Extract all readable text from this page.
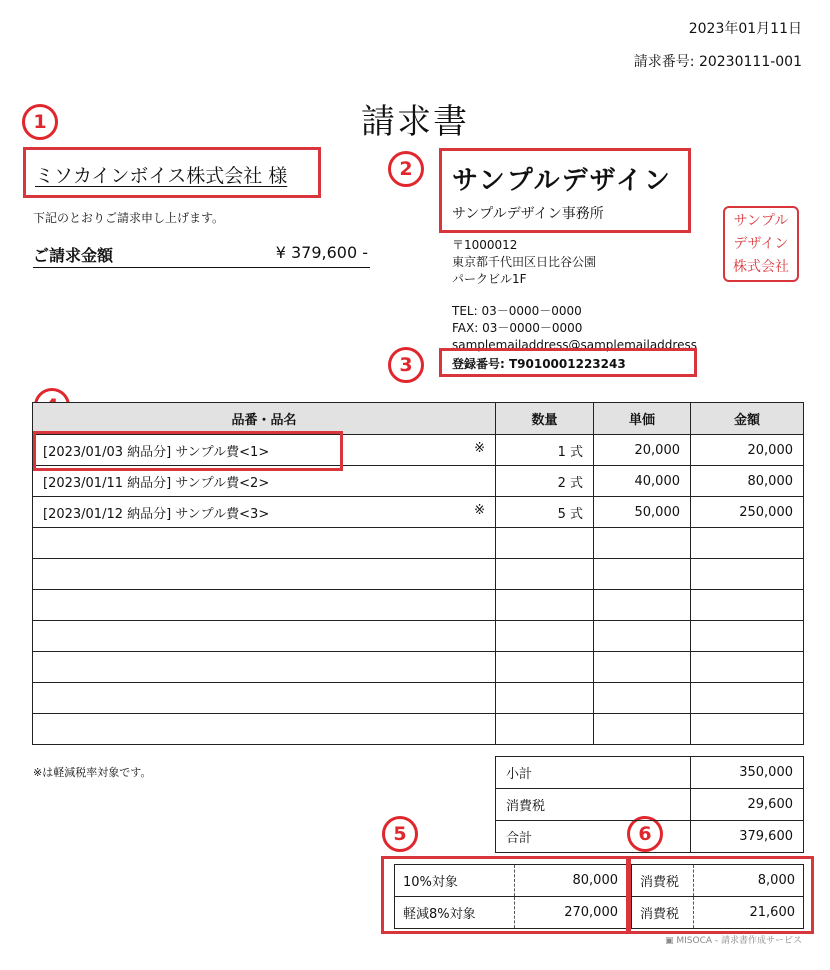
2023年01月11日
請求番号: 20230111-001
請求書
1
2
3
5	6
ミソカインボイス株式会社 様
下記のとおりご請求申し上げます。
ご請求金額	¥ 379,600 -
サンプルデザイン
サンプルデザイン事務所	サンプル
デザイン
株式会社
〒1000012
東京都千代田区日比谷公園
パークビル1F
TEL: 03－0000－0000
FAX: 03－0000－0000
samplemailaddress@samplemailaddress
登録番号: T9010001223243
品番・品名	数量	単価	金額
[2023/01/03 納品分] サンプル費<1> ※	1 式	20,000	20,000
[2023/01/11 納品分] サンプル費<2>	2 式	40,000	80,000
[2023/01/12 納品分] サンプル費<3> ※	5 式	50,000	250,000

※は軽減税率対象です。	小計	350,000
消費税	29,600
合計	379,600
10%対象	80,000
軽減8%対象	270,000
消費税	8,000
消費税	21,600
▣ MISOCA - 請求書作成サービス
